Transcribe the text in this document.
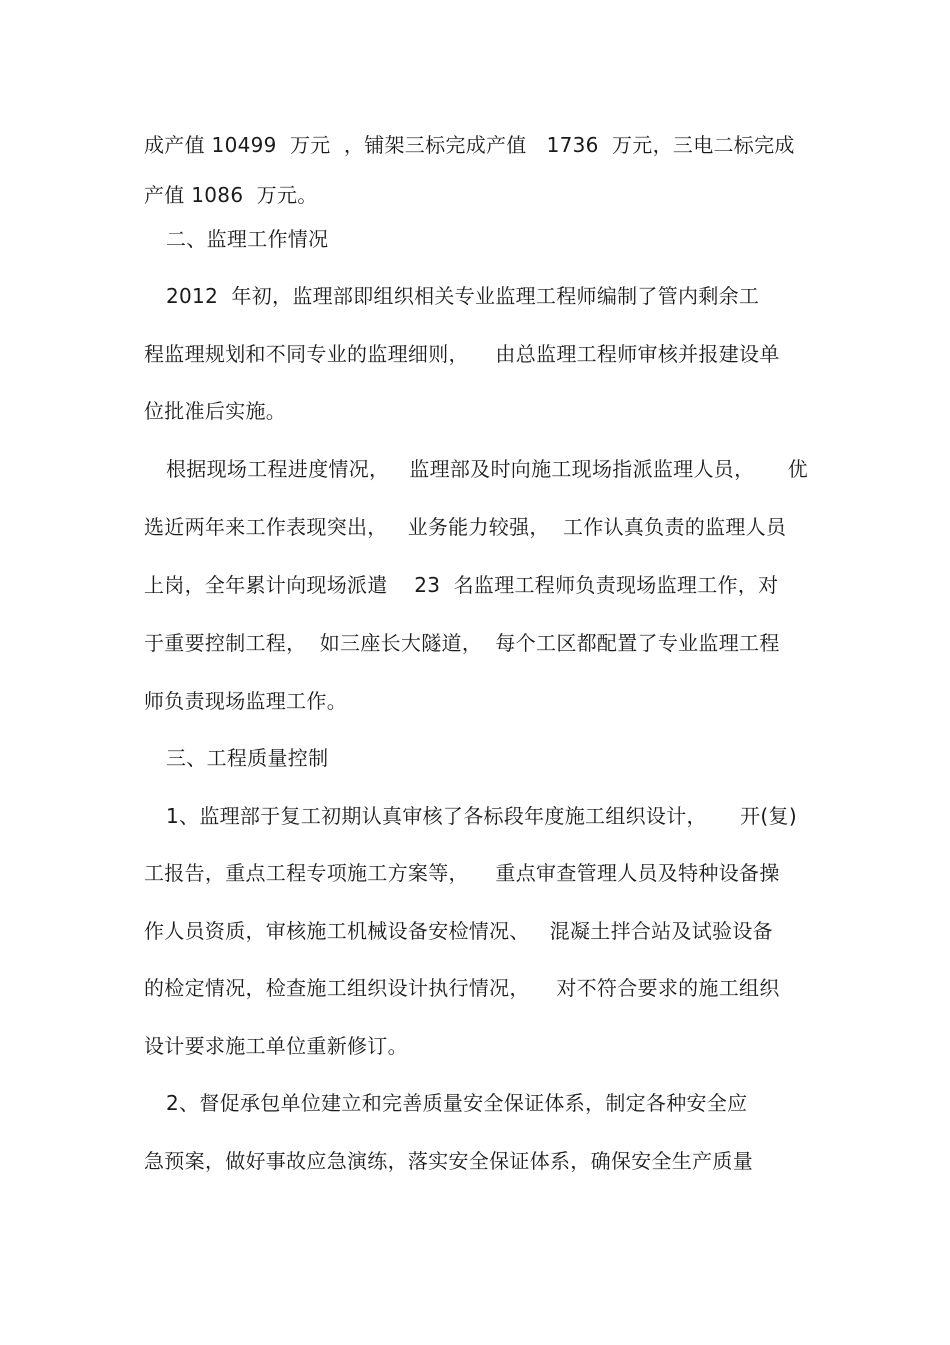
成产值 10499  万元  ，铺架三标完成产值   1736  万元，三电二标完成
产值 1086  万元。
二、监理工作情况
2012  年初，监理部即组织相关专业监理工程师编制了管内剩余工
程监理规划和不同专业的监理细则，    由总监理工程师审核并报建设单
位批准后实施。
根据现场工程进度情况，   监理部及时向施工现场指派监理人员，     优
选近两年来工作表现突出，   业务能力较强，  工作认真负责的监理人员
上岗，全年累计向现场派遣    23  名监理工程师负责现场监理工作，对
于重要控制工程，  如三座长大隧道，  每个工区都配置了专业监理工程
师负责现场监理工作。
三、工程质量控制
1、监理部于复工初期认真审核了各标段年度施工组织设计，     开(复)
工报告，重点工程专项施工方案等，    重点审查管理人员及特种设备操
作人员资质，审核施工机械设备安检情况、   混凝土拌合站及试验设备
的检定情况，检查施工组织设计执行情况，    对不符合要求的施工组织
设计要求施工单位重新修订。
2、督促承包单位建立和完善质量安全保证体系，制定各种安全应
急预案，做好事故应急演练，落实安全保证体系，确保安全生产质量
